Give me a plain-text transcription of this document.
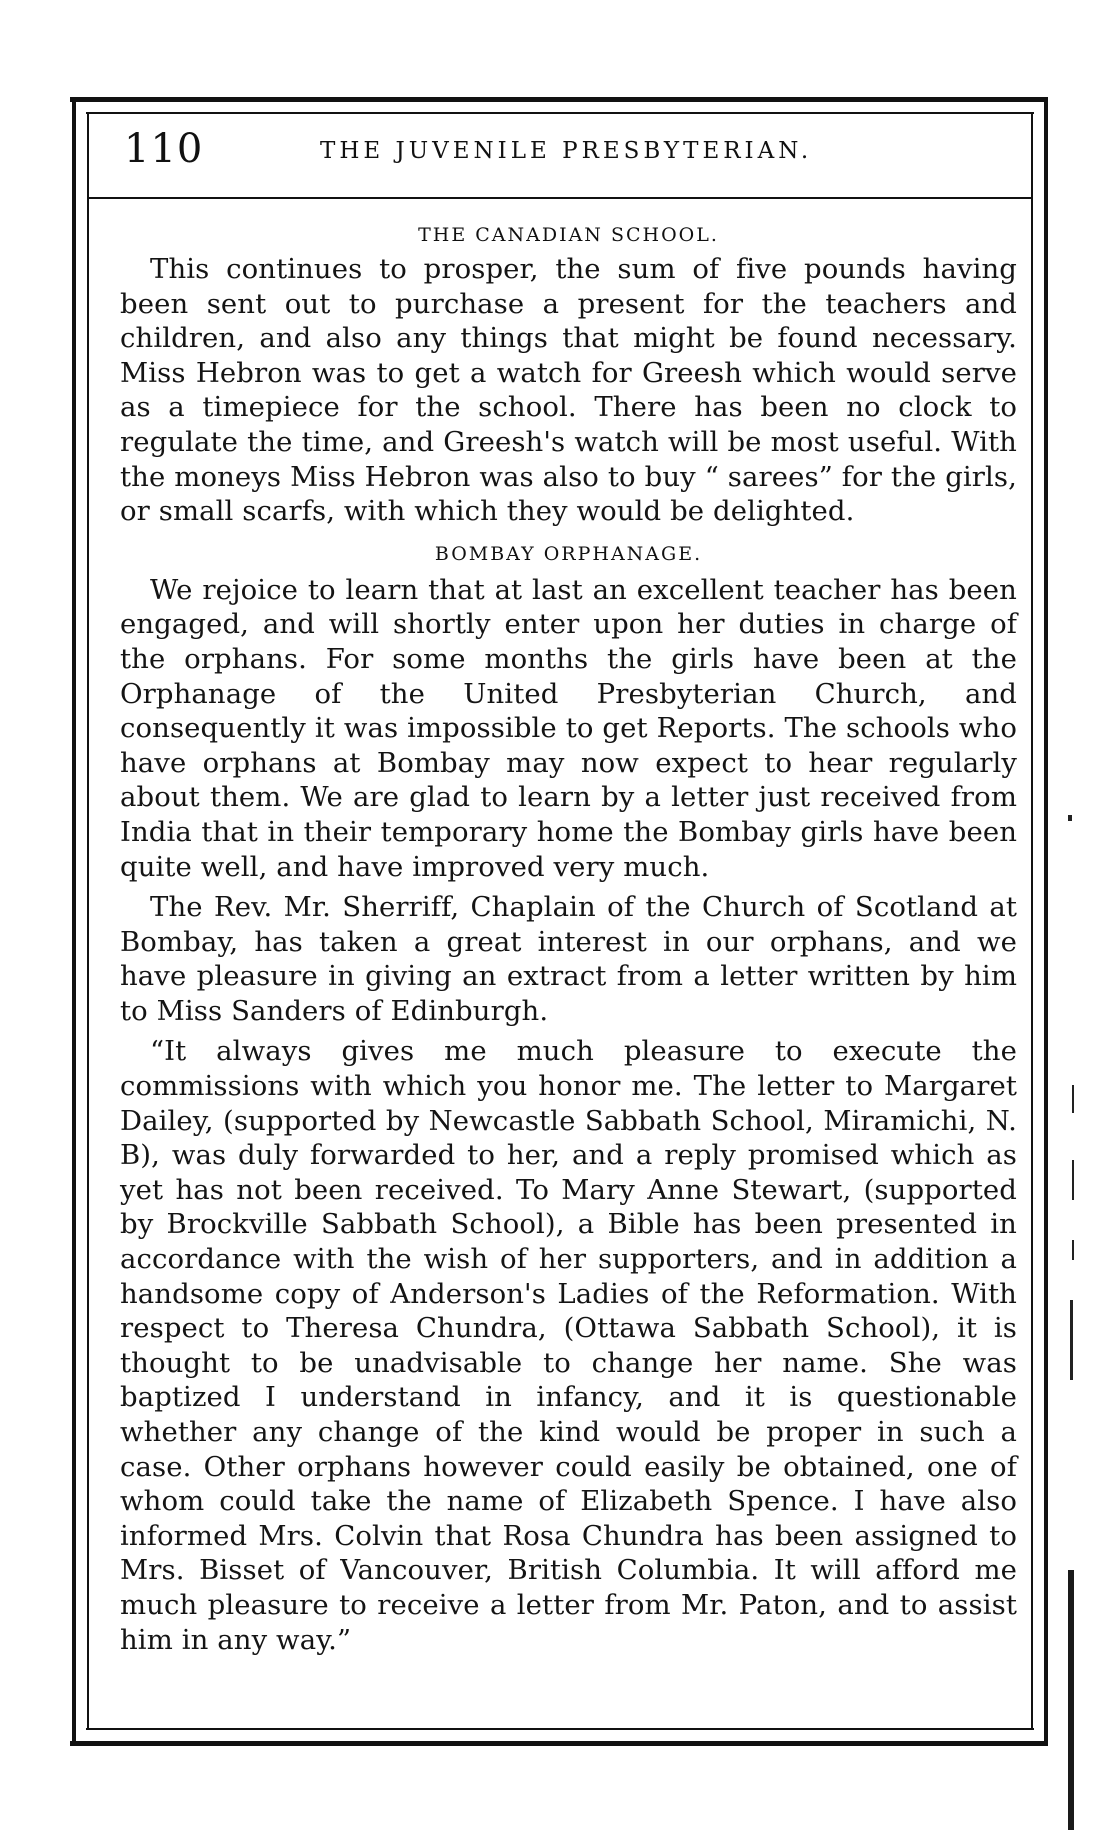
110	THE JUVENILE PRESBYTERIAN.
THE CANADIAN SCHOOL.

This continues to prosper, the sum of five pounds having been sent out to purchase a present for the teachers and children, and also any things that might be found necessary. Miss Hebron was to get a watch for Greesh which would serve as a timepiece for the school. There has been no clock to regulate the time, and Greesh's watch will be most useful. With the moneys Miss Hebron was also to buy “ sarees” for the girls, or small scarfs, with which they would be delighted.

BOMBAY ORPHANAGE.

We rejoice to learn that at last an excellent teacher has been engaged, and will shortly enter upon her duties in charge of the orphans. For some months the girls have been at the Orphanage of the United Presbyterian Church, and consequently it was impossible to get Reports. The schools who have orphans at Bombay may now expect to hear regularly about them. We are glad to learn by a letter just received from India that in their temporary home the Bombay girls have been quite well, and have improved very much.

The Rev. Mr. Sherriff, Chaplain of the Church of Scotland at Bombay, has taken a great interest in our orphans, and we have pleasure in giving an extract from a letter written by him to Miss Sanders of Edinburgh.

“It always gives me much pleasure to execute the commissions with which you honor me. The letter to Margaret Dailey, (supported by Newcastle Sabbath School, Miramichi, N. B), was duly forwarded to her, and a reply promised which as yet has not been received. To Mary Anne Stewart, (supported by Brockville Sabbath School), a Bible has been presented in accordance with the wish of her supporters, and in addition a handsome copy of Anderson's Ladies of the Reformation. With respect to Theresa Chundra, (Ottawa Sabbath School), it is thought to be unadvisable to change her name. She was baptized I understand in infancy, and it is questionable whether any change of the kind would be proper in such a case. Other orphans however could easily be obtained, one of whom could take the name of Elizabeth Spence. I have also informed Mrs. Colvin that Rosa Chundra has been assigned to Mrs. Bisset of Vancouver, British Columbia. It will afford me much pleasure to receive a letter from Mr. Paton, and to assist him in any way.”
